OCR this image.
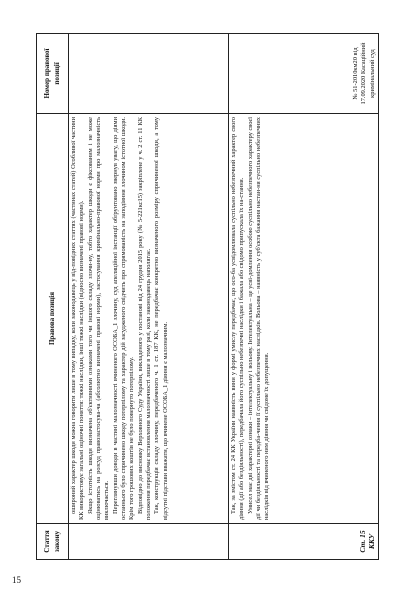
Стаття закону	Правова позиція	Номер правової позиції

	ошироний характер шкоди можна говорити лише в тому випадку, коли законодавець у від-повідних статтях (частинах статей) Особливої частини КК використовує загальні оціночні поняття: тяжкі наслідки, інші тяжкі наслідки (відносно визначені правові норми). Якщо істотність шкоди визначена об'єктивними ознаками того чи іншого складу злочи-ну, тобто характер шкоди є фіксованим і не може оцінюватись на розсуд правозастосува-ча (абсолютно визначені правові норми), застосування кримінально-правової норми про малозначність виключається. Переглянувши доводи в частині малозначності вчиненого ОСОБА_1 злочину, суд апеляційної інстанції обґрунтовано звернув увагу, що діями останнього було спричинено шкоду потерпілому та характер дій засудженого свідчить про спрямованість на заподіяння злочином істотної шкоди. Крім того грошових коштів не було повернуто потерпілому. Відповідно до висновку Верховного Суду України, викладеного у постанові від 24 грудня 2015 року (№ 5-221кс15) закріплене у ч. 2 ст. 11 КК положення передбачає встановлення малозначності лише в тому разі, коли законодавець наполягає. Так, конструкція складу злочину, передбаченого ч. 1 ст. 187 КК, не передбачає конкретно визначеного розміру спричиненої шкоди, а тому відсутні підстави вважати, що вчинене ОСОБА_1 діяння є малозначним.	

Ст. 15 ККУ	Так, за змістом ст. 24 КК України наявність вини у формі умислу передбачає, що осо-ба усвідомлювала суспільно небезпечний характер свого діяння (дії або бездіяльності), передбачала його суспільно небезпечні наслідки і бажала або свідомо припускала їх на-стання. Умисел має дві характерні ознаки – інтелектуальну і вольову. Інтелектуальна – це усві-домлення особою суспільно небезпечного характеру своєї дії чи бездіяльності та передба-чення її суспільно небезпечних наслідків. Вольова – наявність у суб'єкта бажання настан-ня суспільно небезпечних наслідків від вчиненого ним діяння чи свідоме їх допущення.	№ 51-2010км20 від 17.09.2020 Касаційний кримінальний суд
15
